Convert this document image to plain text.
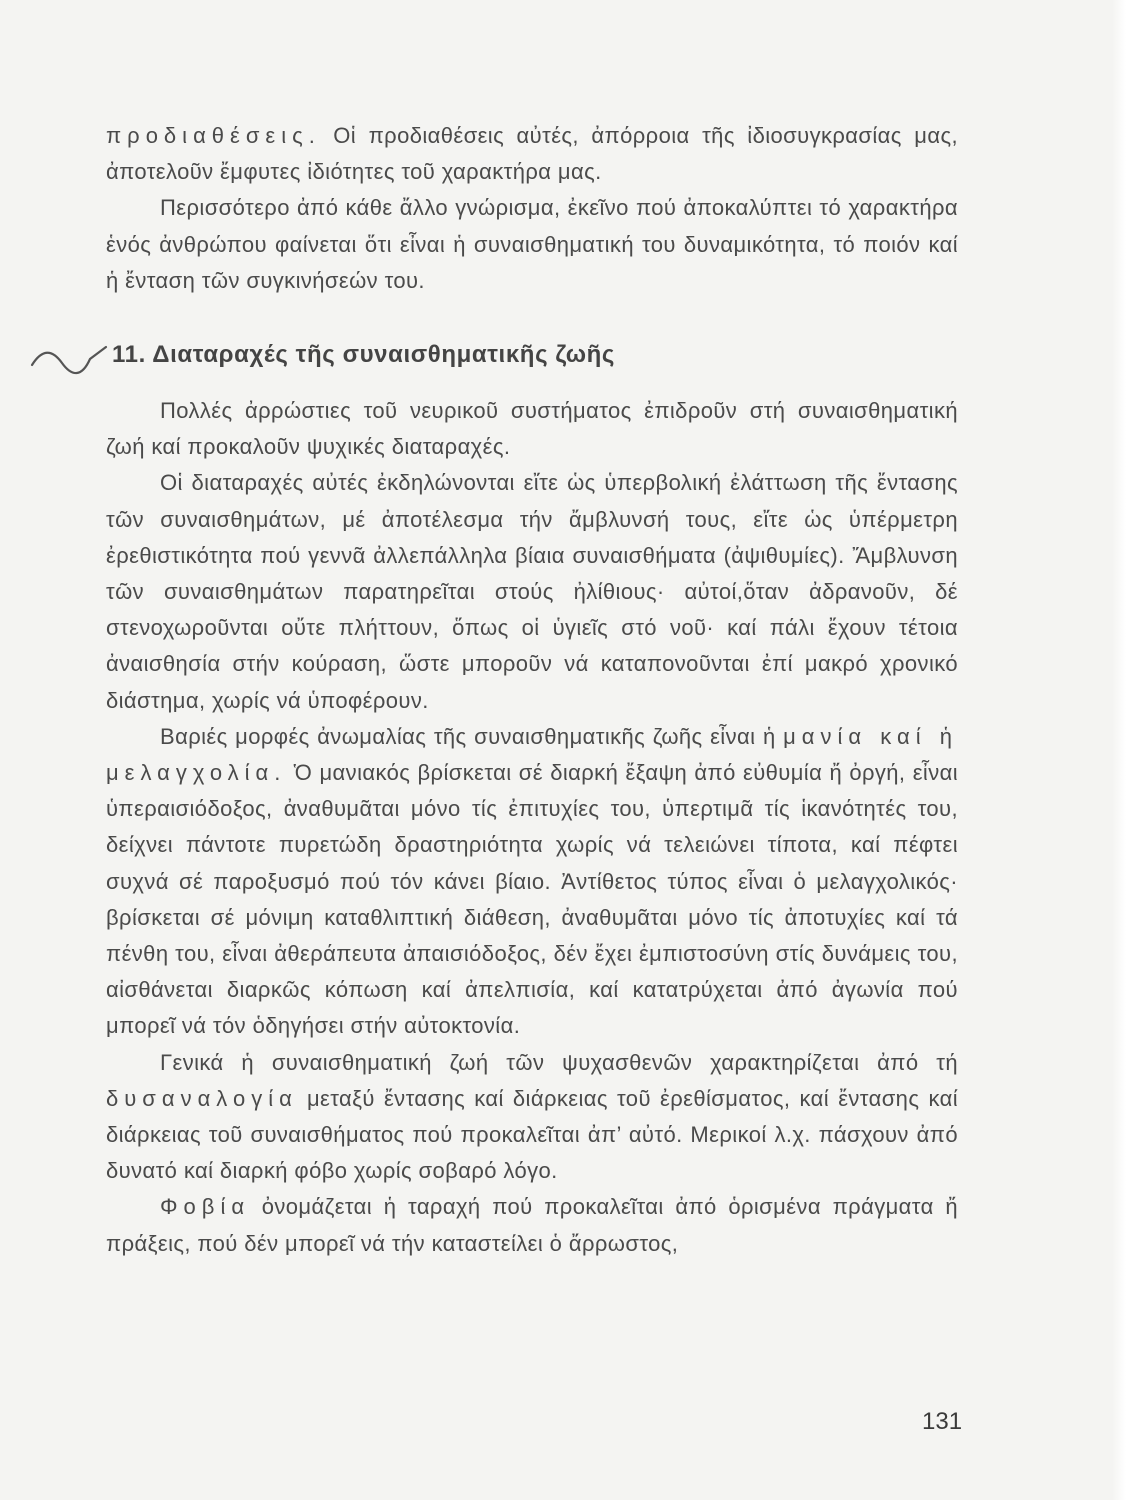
προδιαθέσεις. Οἱ προδιαθέσεις αὐτές, ἀπόρροια τῆς ἰδιοσυγκρασίας μας, ἀποτελοῦν ἔμφυτες ἰδιότητες τοῦ χαρακτήρα μας.

Περισσότερο ἀπό κάθε ἄλλο γνώρισμα, ἐκεῖνο πού ἀποκαλύπτει τό χαρακτήρα ἑνός ἀνθρώπου φαίνεται ὅτι εἶναι ἡ συναισθηματική του δυναμικότητα, τό ποιόν καί ἡ ἔνταση τῶν συγκινήσεών του.

11. Διαταραχές τῆς συναισθηματικῆς ζωῆς

Πολλές ἀρρώστιες τοῦ νευρικοῦ συστήματος ἐπιδροῦν στή συναισθηματική ζωή καί προκαλοῦν ψυχικές διαταραχές.

Οἱ διαταραχές αὐτές ἐκδηλώνονται εἴτε ὡς ὑπερβολική ἐλάττωση τῆς ἔντασης τῶν συναισθημάτων, μέ ἀποτέλεσμα τήν ἄμβλυνσή τους, εἴτε ὡς ὑπέρμετρη ἐρεθιστικότητα πού γεννᾶ ἀλλεπάλληλα βίαια συναισθήματα (ἀψιθυμίες). Ἄμβλυνση τῶν συναισθημάτων παρατηρεῖται στούς ἠλίθιους· αὐτοί,ὅταν ἀδρανοῦν, δέ στενοχωροῦνται οὔτε πλήττουν, ὅπως οἱ ὑγιεῖς στό νοῦ· καί πάλι ἔχουν τέτοια ἀναισθησία στήν κούραση, ὥστε μποροῦν νά καταπονοῦνται ἐπί μακρό χρονικό διάστημα, χωρίς νά ὑποφέρουν.

Βαριές μορφές ἀνωμαλίας τῆς συναισθηματικῆς ζωῆς εἶναι ἡ μανία καί ἡ μελαγχολία. Ὁ μανιακός βρίσκεται σέ διαρκή ἔξαψη ἀπό εὐθυμία ἤ ὀργή, εἶναι ὑπεραισιόδοξος, ἀναθυμᾶται μόνο τίς ἐπιτυχίες του, ὑπερτιμᾶ τίς ἱκανότητές του, δείχνει πάντοτε πυρετώδη δραστηριότητα χωρίς νά τελειώνει τίποτα, καί πέφτει συχνά σέ παροξυσμό πού τόν κάνει βίαιο. Ἀντίθετος τύπος εἶναι ὁ μελαγχολικός· βρίσκεται σέ μόνιμη καταθλιπτική διάθεση, ἀναθυμᾶται μόνο τίς ἀποτυχίες καί τά πένθη του, εἶναι ἀθεράπευτα ἀπαισιόδοξος, δέν ἔχει ἐμπιστοσύνη στίς δυνάμεις του, αἰσθάνεται διαρκῶς κόπωση καί ἀπελπισία, καί κατατρύχεται ἀπό ἀγωνία πού μπορεῖ νά τόν ὁδηγήσει στήν αὐτοκτονία.

Γενικά ἡ συναισθηματική ζωή τῶν ψυχασθενῶν χαρακτηρίζεται ἀπό τή δυσαναλογία μεταξύ ἔντασης καί διάρκειας τοῦ ἐρεθίσματος, καί ἔντασης καί διάρκειας τοῦ συναισθήματος πού προκαλεῖται ἀπ’ αὐτό. Μερικοί λ.χ. πάσχουν ἀπό δυνατό καί διαρκή φόβο χωρίς σοβαρό λόγο.

Φοβία ὀνομάζεται ἡ ταραχή πού προκαλεῖται ἀπό ὁρισμένα πράγματα ἤ πράξεις, πού δέν μπορεῖ νά τήν καταστείλει ὁ ἄρρωστος,

131
